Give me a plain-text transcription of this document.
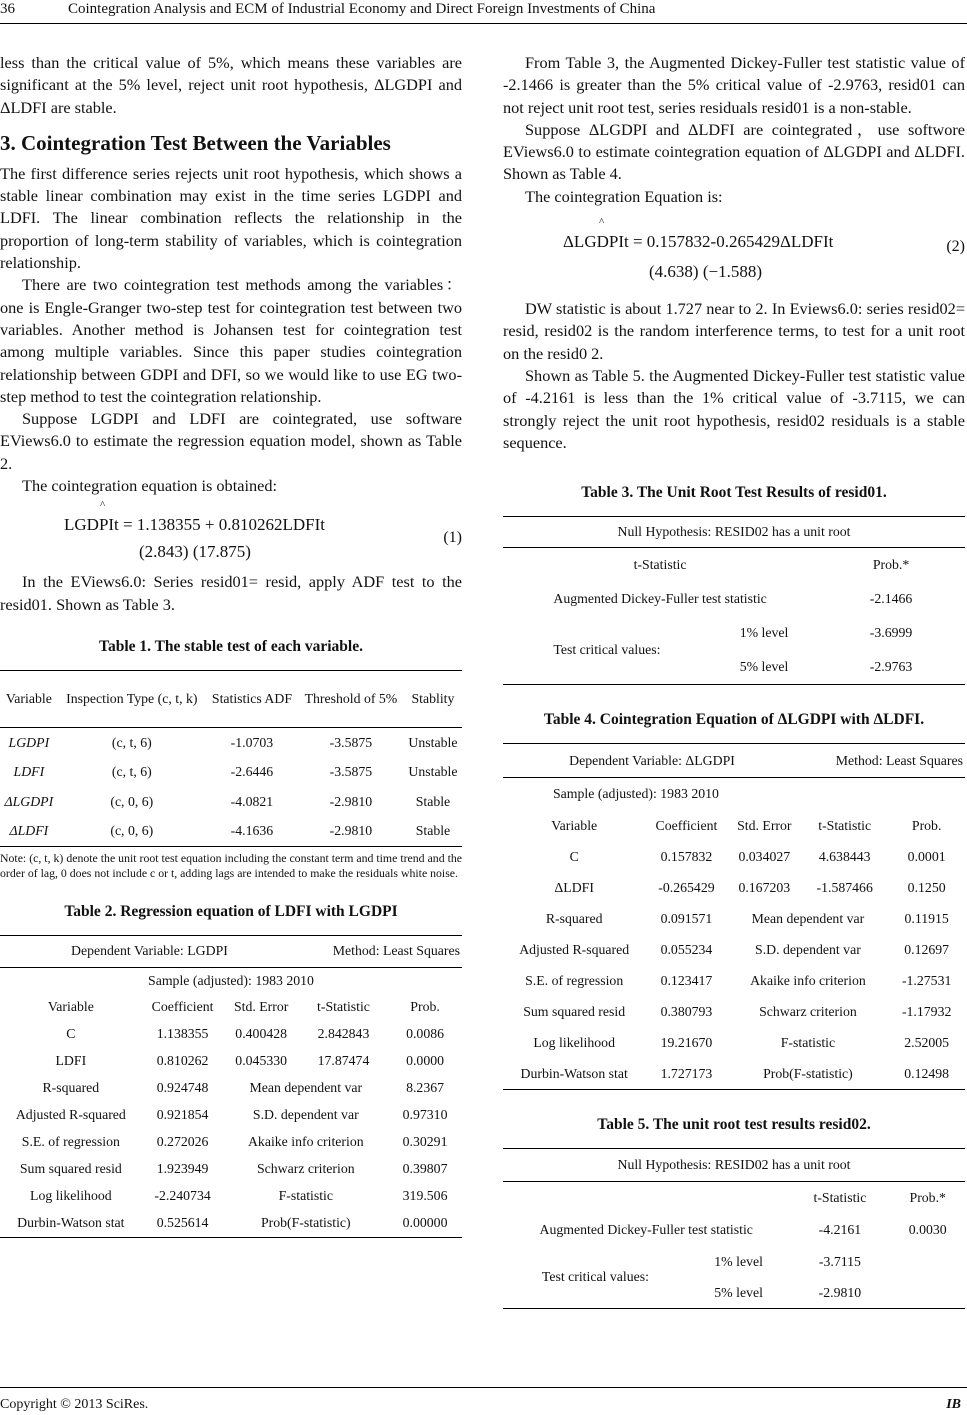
36	Cointegration Analysis and ECM of Industrial Economy and Direct Foreign Investments of China

less than the critical value of 5%, which means these variables are significant at the 5% level, reject unit root hypothesis, ΔLGDPI and ΔLDFI are stable.

3. Cointegration Test Between the Variables

The first difference series rejects unit root hypothesis, which shows a stable linear combination may exist in the time series LGDPI and LDFI. The linear combination reflects the relationship in the proportion of long-term stability of variables, which is cointegration relationship.

There are two cointegration test methods among the variables：one is Engle-Granger two-step test for cointegration test between two variables. Another method is Johansen test for cointegration test among multiple variables. Since this paper studies cointegration relationship between GDPI and DFI, so we would like to use EG two-step method to test the cointegration relationship.

Suppose LGDPI and LDFI are cointegrated, use software EViews6.0 to estimate the regression equation model, shown as Table 2.

The cointegration equation is obtained:

^
LGDPIt = 1.138355 + 0.810262LDFIt
(2.843) (17.875)
(1)

In the EViews6.0: Series resid01= resid, apply ADF test to the resid01. Shown as Table 3.

Table 1. The stable test of each variable.
Variable	Inspection Type (c, t, k)	Statistics ADF	Threshold of 5%	Stablity
LGDPI	(c, t, 6)	-1.0703	-3.5875	Unstable
LDFI	(c, t, 6)	-2.6446	-3.5875	Unstable
ΔLGDPI	(c, 0, 6)	-4.0821	-2.9810	Stable
ΔLDFI	(c, 0, 6)	-4.1636	-2.9810	Stable
Note: (c, t, k) denote the unit root test equation including the constant term and time trend and the order of lag, 0 does not include c or t, adding lags are intended to make the residuals white noise.
Table 2. Regression equation of LDFI with LGDPI
Dependent Variable: LGDPI			Method: Least Squares	
Sample (adjusted): 1983 2010				
Variable	Coefficient	Std. Error	t-Statistic	Prob.
C	1.138355	0.400428	2.842843	0.0086
LDFI	0.810262	0.045330	17.87474	0.0000
R-squared	0.924748	Mean dependent var		8.2367
Adjusted R-squared	0.921854	S.D. dependent var		0.97310
S.E. of regression	0.272026	Akaike info criterion		0.30291
Sum squared resid	1.923949	Schwarz criterion		0.39807
Log likelihood	-2.240734	F-statistic		319.506
Durbin-Watson stat	0.525614	Prob(F-statistic)		0.00000

From Table 3, the Augmented Dickey-Fuller test statistic value of -2.1466 is greater than the 5% critical value of -2.9763, resid01 can not reject unit root test, series residuals resid01 is a non-stable.

Suppose ΔLGDPI and ΔLDFI are cointegrated，use softwore EViews6.0 to estimate cointegration equation of ΔLGDPI and ΔLDFI. Shown as Table 4.

The cointegration Equation is:

^
ΔLGDPIt = 0.157832-0.265429ΔLDFIt
(4.638) (−1.588)
(2)

DW statistic is about 1.727 near to 2. In Eviews6.0: series resid02= resid, resid02 is the random interference terms, to test for a unit root on the resid0 2.

Shown as Table 5. the Augmented Dickey-Fuller test statistic value of -4.2161 is less than the 1% critical value of -3.7115, we can strongly reject the unit root hypothesis, resid02 residuals is a stable sequence.

Table 3. The Unit Root Test Results of resid01.
Null Hypothesis: RESID02 has a unit root		
t-Statistic		Prob.*
Augmented Dickey-Fuller test statistic		-2.1466
Test critical values:	1% level	-3.6999
	5% level	-2.9763
Table 4. Cointegration Equation of ΔLGDPI with ΔLDFI.
Dependent Variable: ΔLGDPI			Method: Least Squares	
Sample (adjusted): 1983 2010				
Variable	Coefficient	Std. Error	t-Statistic	Prob.
C	0.157832	0.034027	4.638443	0.0001
ΔLDFI	-0.265429	0.167203	-1.587466	0.1250
R-squared	0.091571	Mean dependent var		0.11915
Adjusted R-squared	0.055234	S.D. dependent var		0.12697
S.E. of regression	0.123417	Akaike info criterion		-1.27531
Sum squared resid	0.380793	Schwarz criterion		-1.17932
Log likelihood	19.21670	F-statistic		2.52005
Durbin-Watson stat	1.727173	Prob(F-statistic)		0.12498
Table 5. The unit root test results resid02.
Null Hypothesis: RESID02 has a unit root			
		t-Statistic	Prob.*
Augmented Dickey-Fuller test statistic		-4.2161	0.0030
Test critical values:	1% level	-3.7115	
	5% level	-2.9810	
Copyright © 2013 SciRes.	IB
